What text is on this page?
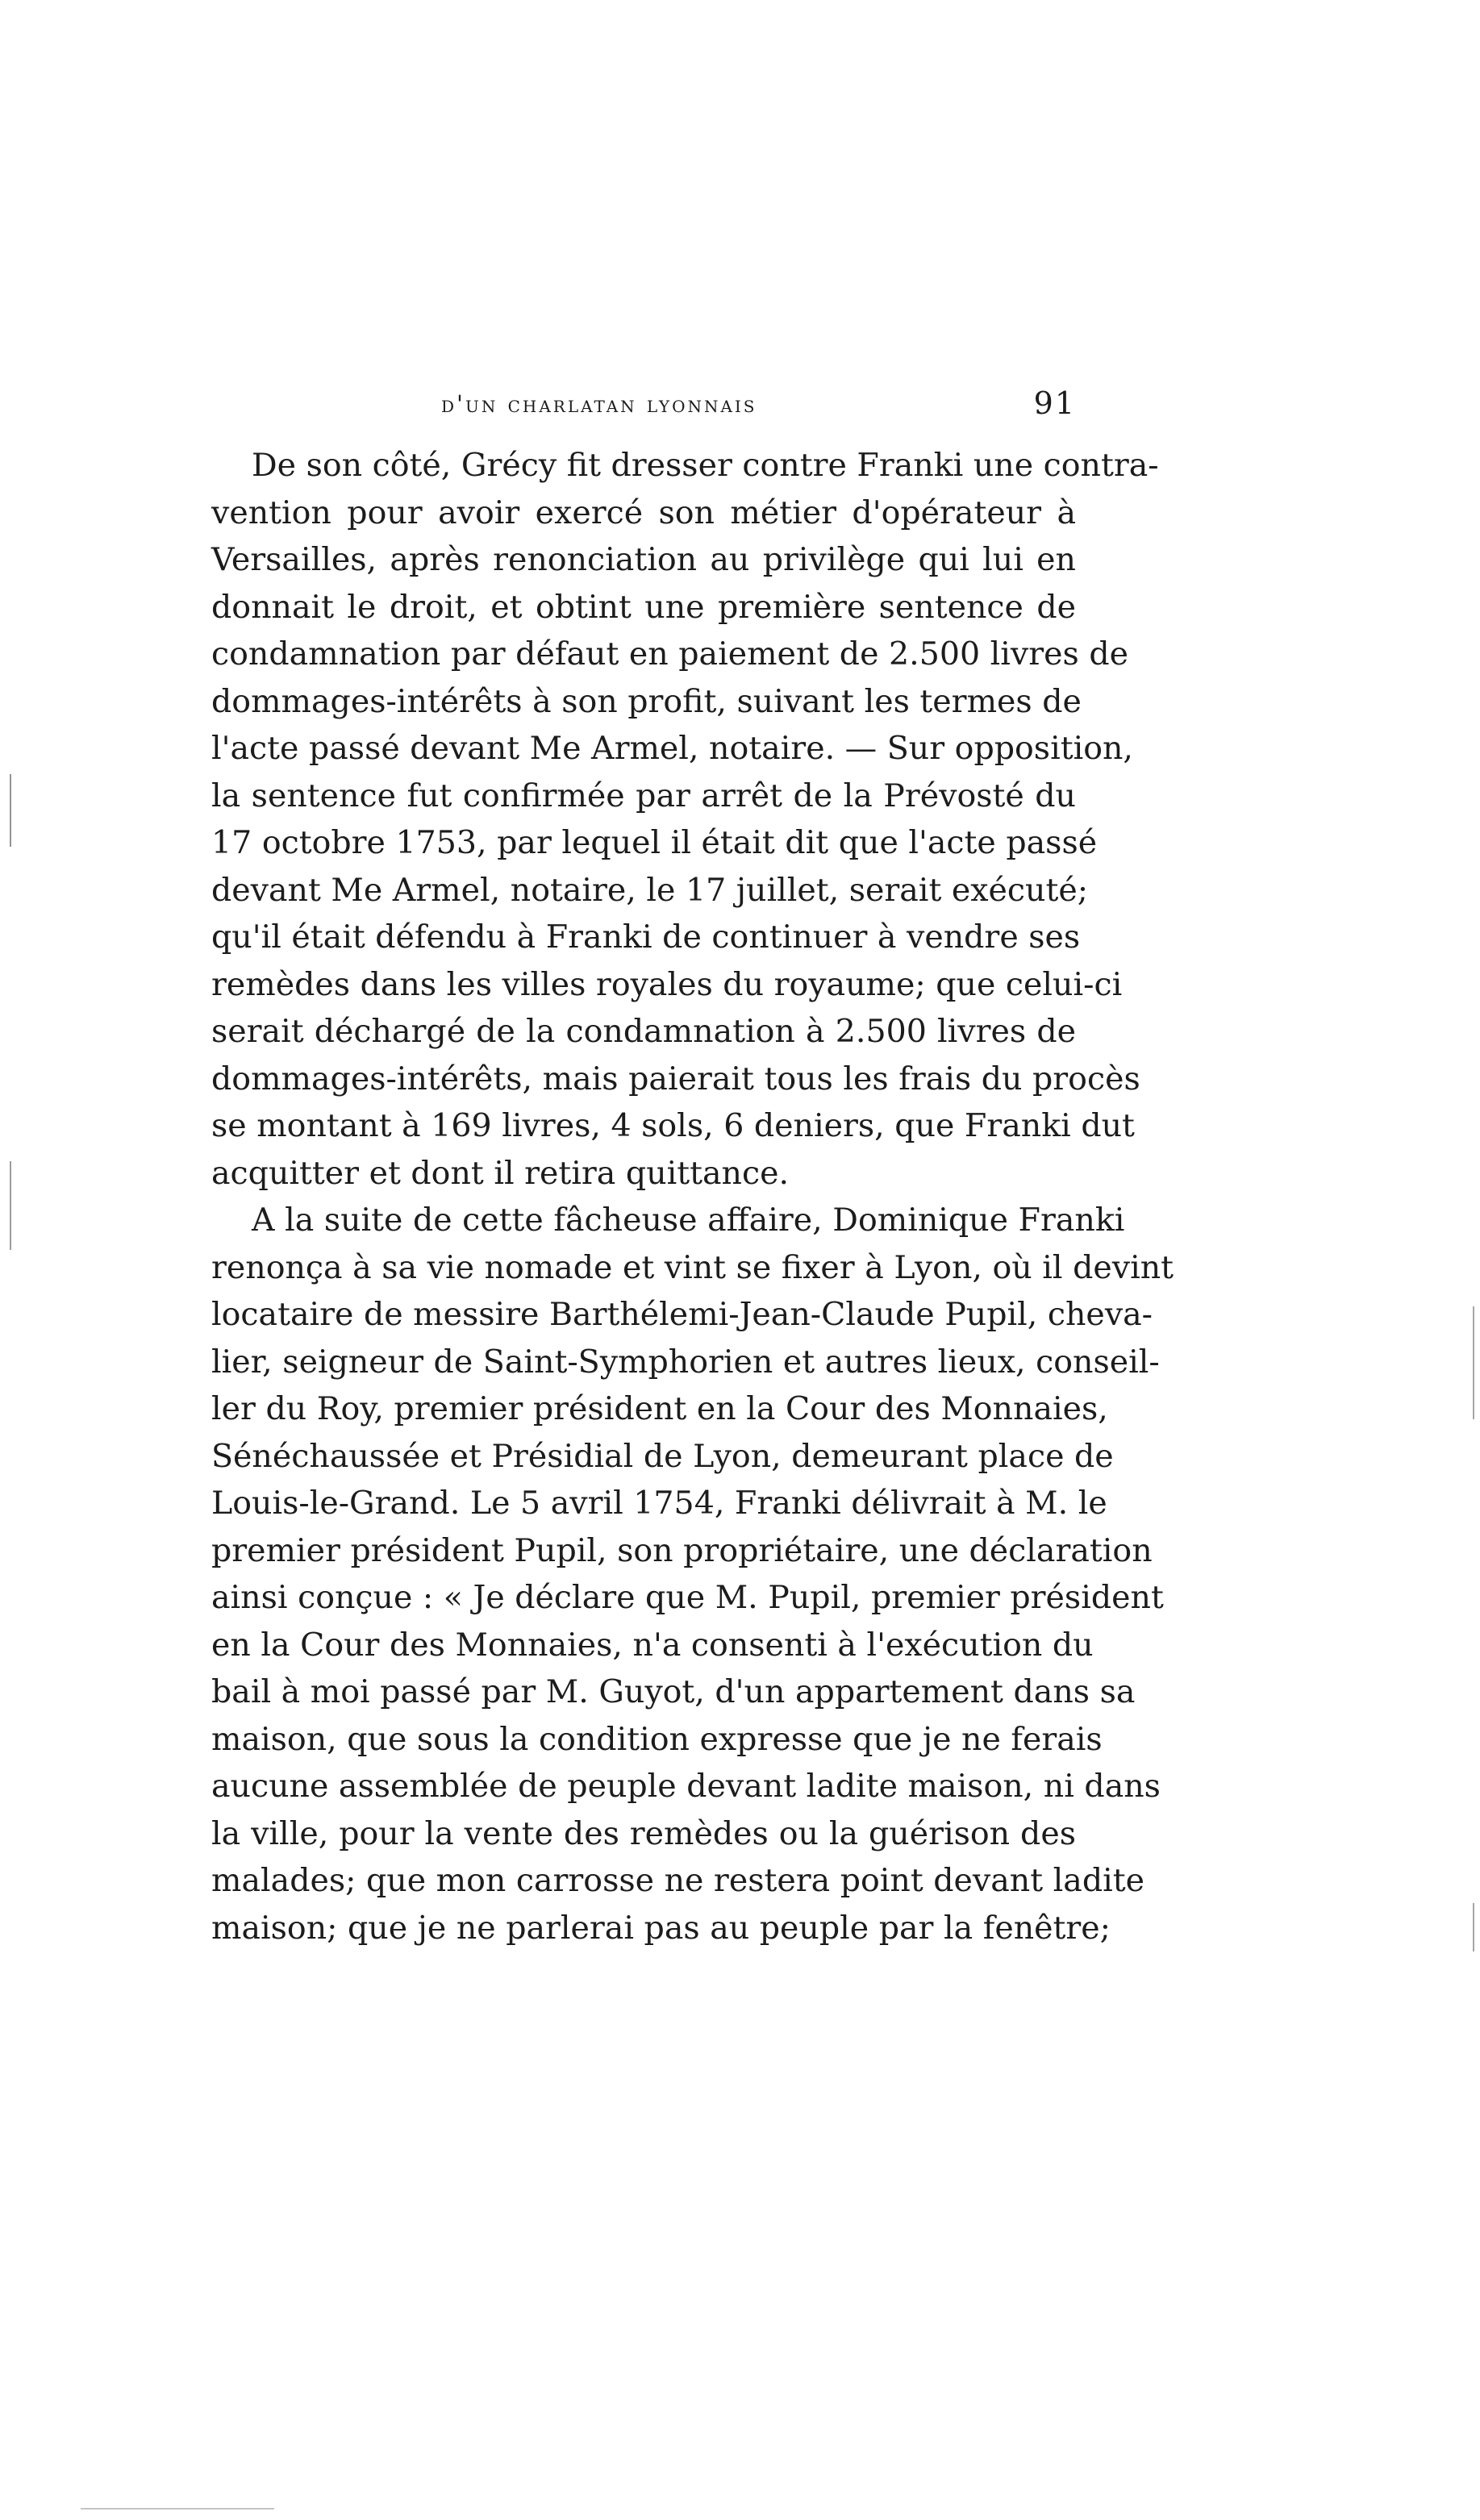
d'un charlatan lyonnais	91
De son côté, Grécy fit dresser contre Franki une contra-
vention pour avoir exercé son métier d'opérateur à
Versailles, après renonciation au privilège qui lui en
donnait le droit, et obtint une première sentence de
condamnation par défaut en paiement de 2.500 livres de
dommages-intérêts à son profit, suivant les termes de
l'acte passé devant Me Armel, notaire. — Sur opposition,
la sentence fut confirmée par arrêt de la Prévosté du
17 octobre 1753, par lequel il était dit que l'acte passé
devant Me Armel, notaire, le 17 juillet, serait exécuté;
qu'il était défendu à Franki de continuer à vendre ses
remèdes dans les villes royales du royaume; que celui-ci
serait déchargé de la condamnation à 2.500 livres de
dommages-intérêts, mais paierait tous les frais du procès
se montant à 169 livres, 4 sols, 6 deniers, que Franki dut
acquitter et dont il retira quittance.
A la suite de cette fâcheuse affaire, Dominique Franki
renonça à sa vie nomade et vint se fixer à Lyon, où il devint
locataire de messire Barthélemi-Jean-Claude Pupil, cheva-
lier, seigneur de Saint-Symphorien et autres lieux, conseil-
ler du Roy, premier président en la Cour des Monnaies,
Sénéchaussée et Présidial de Lyon, demeurant place de
Louis-le-Grand. Le 5 avril 1754, Franki délivrait à M. le
premier président Pupil, son propriétaire, une déclaration
ainsi conçue : « Je déclare que M. Pupil, premier président
en la Cour des Monnaies, n'a consenti à l'exécution du
bail à moi passé par M. Guyot, d'un appartement dans sa
maison, que sous la condition expresse que je ne ferais
aucune assemblée de peuple devant ladite maison, ni dans
la ville, pour la vente des remèdes ou la guérison des
malades; que mon carrosse ne restera point devant ladite
maison; que je ne parlerai pas au peuple par la fenêtre;
